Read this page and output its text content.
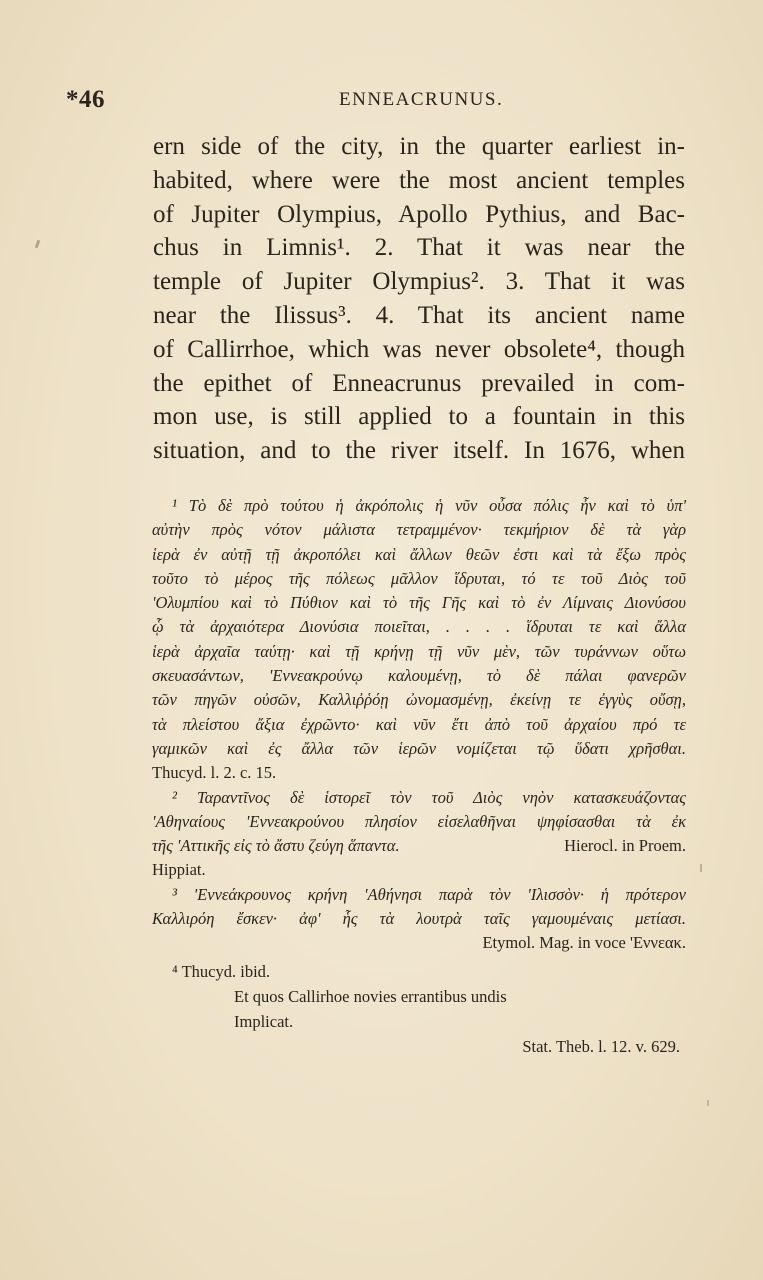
*46	ENNEACRUNUS.
ern side of the city, in the quarter earliest in-
habited, where were the most ancient temples
of Jupiter Olympius, Apollo Pythius, and Bac-
chus in Limnis¹. 2. That it was near the
temple of Jupiter Olympius². 3. That it was
near the Ilissus³. 4. That its ancient name
of Callirrhoe, which was never obsolete⁴, though
the epithet of Enneacrunus prevailed in com-
mon use, is still applied to a fountain in this
situation, and to the river itself. In 1676, when
¹ Τὸ δὲ πρὸ τούτου ἡ ἀκρόπολις ἡ νῦν οὖσα πόλις ἦν καὶ τὸ ὑπ'
αὐτὴν πρὸς νότον μάλιστα τετραμμένον· τεκμήριον δὲ τὰ γὰρ
ἱερὰ ἐν αὐτῇ τῇ ἀκροπόλει καὶ ἄλλων θεῶν ἐστι καὶ τὰ ἔξω πρὸς
τοῦτο τὸ μέρος τῆς πόλεως μᾶλλον ἵδρυται, τό τε τοῦ Διὸς τοῦ
'Ολυμπίου καὶ τὸ Πύθιον καὶ τὸ τῆς Γῆς καὶ τὸ ἐν Λίμναις Διονύσου
ᾧ τὰ ἀρχαιότερα Διονύσια ποιεῖται, . . . . ἵδρυται τε καὶ ἄλλα
ἱερὰ ἀρχαῖα ταύτῃ· καὶ τῇ κρήνῃ τῇ νῦν μὲν, τῶν τυράννων οὕτω
σκευασάντων, 'Εννεακρούνῳ καλουμένῃ, τὸ δὲ πάλαι φανερῶν
τῶν πηγῶν οὐσῶν, Καλλιῤῥόῃ ὠνομασμένῃ, ἐκείνῃ τε ἐγγὺς οὔσῃ,
τὰ πλείστου ἄξια ἐχρῶντο· καὶ νῦν ἔτι ἀπὸ τοῦ ἀρχαίου πρό τε
γαμικῶν καὶ ἐς ἄλλα τῶν ἱερῶν νομίζεται τῷ ὕδατι χρῆσθαι.
Thucyd. l. 2. c. 15.
² Ταραντῖνος δὲ ἱστορεῖ τὸν τοῦ Διὸς νηὸν κατασκευάζοντας
'Αθηναίους 'Εννεακρούνου πλησίον εἰσελαθῆναι ψηφίσασθαι τὰ ἐκ
τῆς 'Αττικῆς εἰς τὸ ἄστυ ζεύγη ἅπαντα.	Hierocl. in Proem.
Hippiat.
³ 'Εννεάκρουνος κρήνη 'Αθήνησι παρὰ τὸν 'Ιλισσὸν· ἡ πρότερον
Καλλιρόη ἔσκεν· ἀφ' ἧς τὰ λουτρὰ ταῖς γαμουμέναις μετίασι.
Etymol. Mag. in voce 'Εννεακ.
⁴ Thucyd. ibid.
Et quos Callirhoe novies errantibus undis
Implicat.
Stat. Theb. l. 12. v. 629.
